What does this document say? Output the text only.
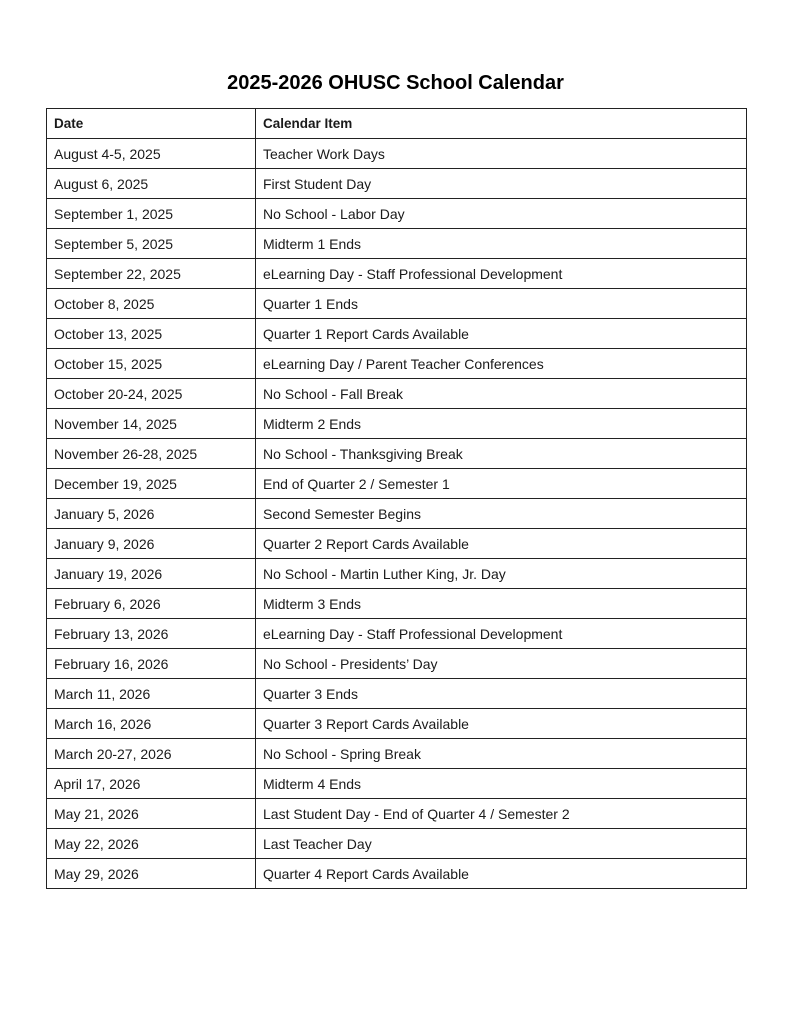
2025-2026 OHUSC School Calendar
Date	Calendar Item
August 4-5, 2025	Teacher Work Days
August 6, 2025	First Student Day
September 1, 2025	No School - Labor Day
September 5, 2025	Midterm 1 Ends
September 22, 2025	eLearning Day - Staff Professional Development
October 8, 2025	Quarter 1 Ends
October 13, 2025	Quarter 1 Report Cards Available
October 15, 2025	eLearning Day / Parent Teacher Conferences
October 20-24, 2025	No School - Fall Break
November 14, 2025	Midterm 2 Ends
November 26-28, 2025	No School - Thanksgiving Break
December 19, 2025	End of Quarter 2 / Semester 1
January 5, 2026	Second Semester Begins
January 9, 2026	Quarter 2 Report Cards Available
January 19, 2026	No School - Martin Luther King, Jr. Day
February 6, 2026	Midterm 3 Ends
February 13, 2026	eLearning Day - Staff Professional Development
February 16, 2026	No School - Presidents’ Day
March 11, 2026	Quarter 3 Ends
March 16, 2026	Quarter 3 Report Cards Available
March 20-27, 2026	No School - Spring Break
April 17, 2026	Midterm 4 Ends
May 21, 2026	Last Student Day - End of Quarter 4 / Semester 2
May 22, 2026	Last Teacher Day
May 29, 2026	Quarter 4 Report Cards Available
